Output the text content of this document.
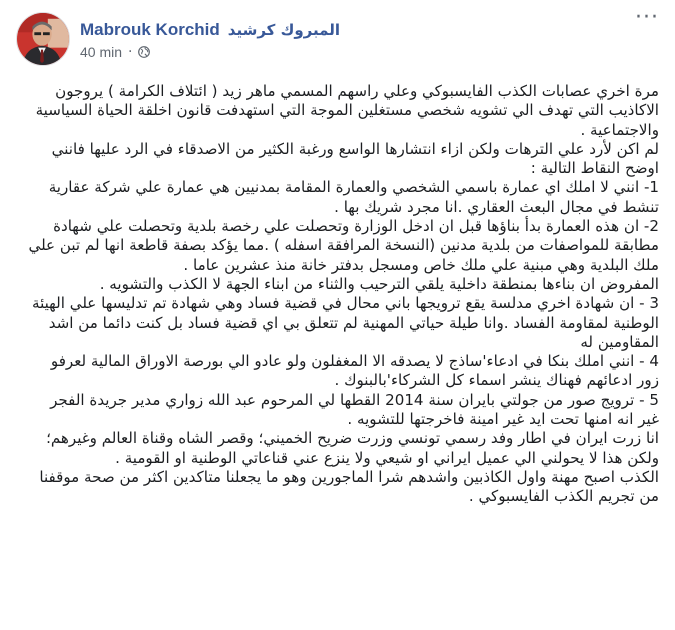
Mabrouk Korchid المبروك كرشيد
40 min ·
···

مرة اخري عصابات الكذب الفايسبوكي وعلي راسهم المسمي ماهر زيد ( ائتلاف الكرامة ) يروجون الاكاذيب التي تهدف الي تشويه شخصي مستغلين الموجة التي استهدفت قانون اخلقة الحياة السياسية والاجتماعية .

لم اكن لأرد علي الترهات ولكن ازاء انتشارها الواسع ورغبة الكثير من الاصدقاء في الرد عليها فانني اوضح النقاط التالية :

1- انني لا املك اي عمارة باسمي الشخصي والعمارة المقامة بمدنيين هي عمارة علي شركة عقارية تنشط في مجال البعث العقاري .انا مجرد شريك بها .

2- ان هذه العمارة بدأ بناؤها قبل ان ادخل الوزارة وتحصلت علي رخصة بلدية وتحصلت علي شهادة مطابقة للمواصفات من بلدية مدنين (النسخة المرافقة اسفله ) .مما يؤكد بصفة قاطعة انها لم تبن علي ملك البلدية وهي مبنية علي ملك خاص ومسجل بدفتر خانة منذ عشرين عاما .

المفروض ان بناءها بمنطقة داخلية يلقي الترحيب والثناء من ابناء الجهة لا الكذب والتشويه .

3 - ان شهادة اخري مدلسة يقع ترويجها باني محال في قضية فساد وهي شهادة تم تدليسها علي الهيئة الوطنية لمقاومة الفساد .وانا طيلة حياتي المهنية لم تتعلق بي اي قضية فساد بل كنت دائما من اشد المقاومين له

4 - انني املك بنكا في ادعاء'ساذج لا يصدقه الا المغفلون ولو عادو الي بورصة الاوراق المالية لعرفو زور ادعائهم فهناك ينشر اسماء كل الشركاء'بالبنوك .

5 - ترويج صور من جولتي بايران سنة 2014 القطها لي المرحوم عبد الله زواري مدير جريدة الفجر غير انه امنها تحت ايد غير امينة فاخرجتها للتشويه .

انا زرت ايران في اطار وفد رسمي تونسي وزرت ضريح الخميني؛ وقصر الشاه وقناة العالم وغيرهم؛ ولكن هذا لا يحولني الي عميل ايراني او شيعي ولا ينزع عني قناعاتي الوطنية او القومية .

الكذب اصبح مهنة واول الكاذبين واشدهم شرا الماجورين وهو ما يجعلنا متاكدين اكثر من صحة موقفنا من تجريم الكذب الفايسبوكي .
